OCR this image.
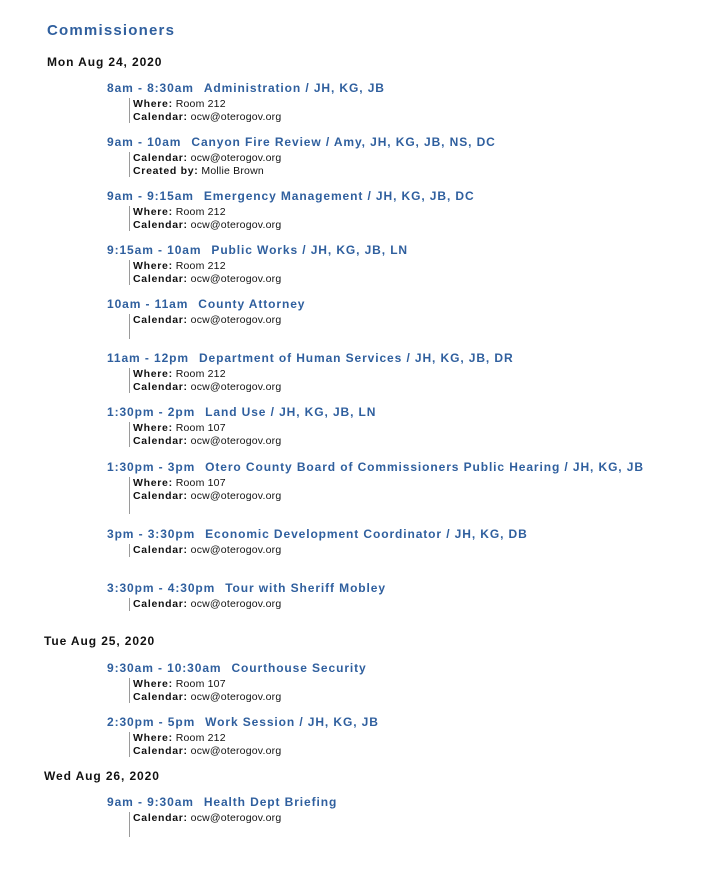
Commissioners
Mon Aug 24, 2020
8am - 8:30am Administration / JH, KG, JB
Where: Room 212
Calendar: ocw@oterogov.org
9am - 10am Canyon Fire Review / Amy, JH, KG, JB, NS, DC
Calendar: ocw@oterogov.org
Created by: Mollie Brown
9am - 9:15am Emergency Management / JH, KG, JB, DC
Where: Room 212
Calendar: ocw@oterogov.org
9:15am - 10am Public Works / JH, KG, JB, LN
Where: Room 212
Calendar: ocw@oterogov.org
10am - 11am County Attorney
Calendar: ocw@oterogov.org
11am - 12pm Department of Human Services / JH, KG, JB, DR
Where: Room 212
Calendar: ocw@oterogov.org
1:30pm - 2pm Land Use / JH, KG, JB, LN
Where: Room 107
Calendar: ocw@oterogov.org
1:30pm - 3pm Otero County Board of Commissioners Public Hearing / JH, KG, JB
Where: Room 107
Calendar: ocw@oterogov.org
3pm - 3:30pm Economic Development Coordinator / JH, KG, DB
Calendar: ocw@oterogov.org
3:30pm - 4:30pm Tour with Sheriff Mobley
Calendar: ocw@oterogov.org
Tue Aug 25, 2020
9:30am - 10:30am Courthouse Security
Where: Room 107
Calendar: ocw@oterogov.org
2:30pm - 5pm Work Session / JH, KG, JB
Where: Room 212
Calendar: ocw@oterogov.org
Wed Aug 26, 2020
9am - 9:30am Health Dept Briefing
Calendar: ocw@oterogov.org
